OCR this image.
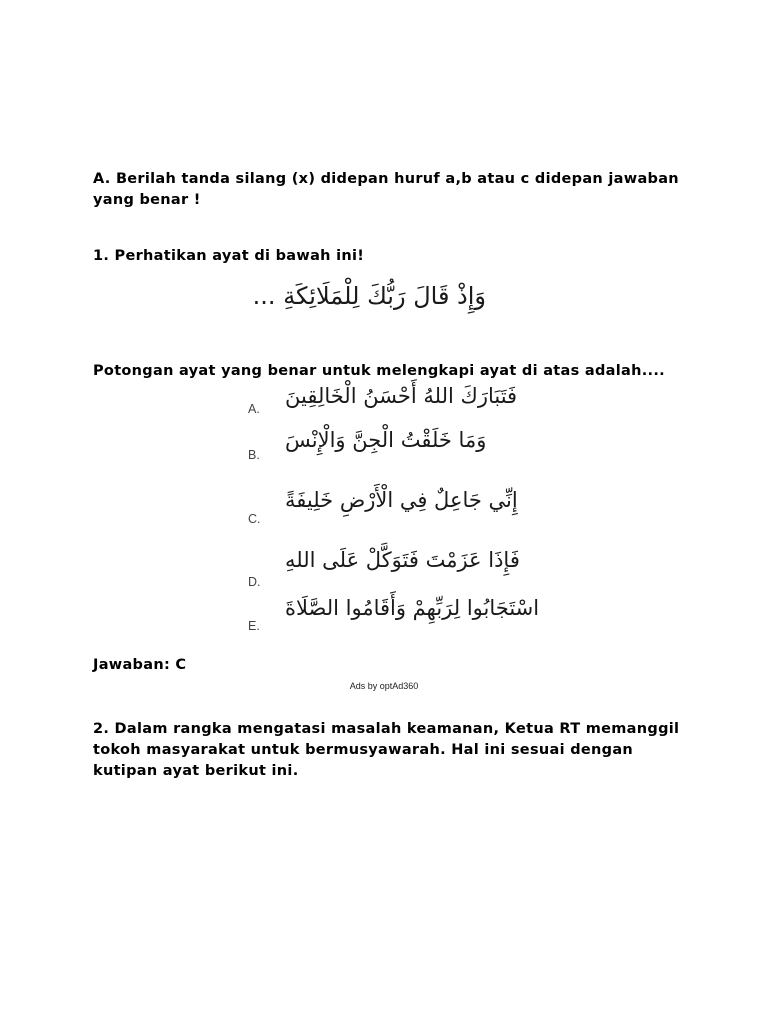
A. Berilah tanda silang (x) didepan huruf a,b atau c didepan jawaban yang benar !

1. Perhatikan ayat di bawah ini!

وَإِذْ قَالَ رَبُّكَ لِلْمَلَائِكَةِ ...

Potongan ayat yang benar untuk melengkapi ayat di atas adalah....

A.
فَتَبَارَكَ اللهُ أَحْسَنُ الْخَالِقِينَ
B.
وَمَا خَلَقْتُ الْجِنَّ وَالْإِنْسَ
C.
إِنِّي جَاعِلٌ فِي الْأَرْضِ خَلِيفَةً
D.
فَإِذَا عَزَمْتَ فَتَوَكَّلْ عَلَى اللهِ
E.
اسْتَجَابُوا لِرَبِّهِمْ وَأَقَامُوا الصَّلَاةَ

Jawaban: C

Ads by optAd360

2. Dalam rangka mengatasi masalah keamanan, Ketua RT memanggil tokoh masyarakat untuk bermusyawarah. Hal ini sesuai dengan kutipan ayat berikut ini.
